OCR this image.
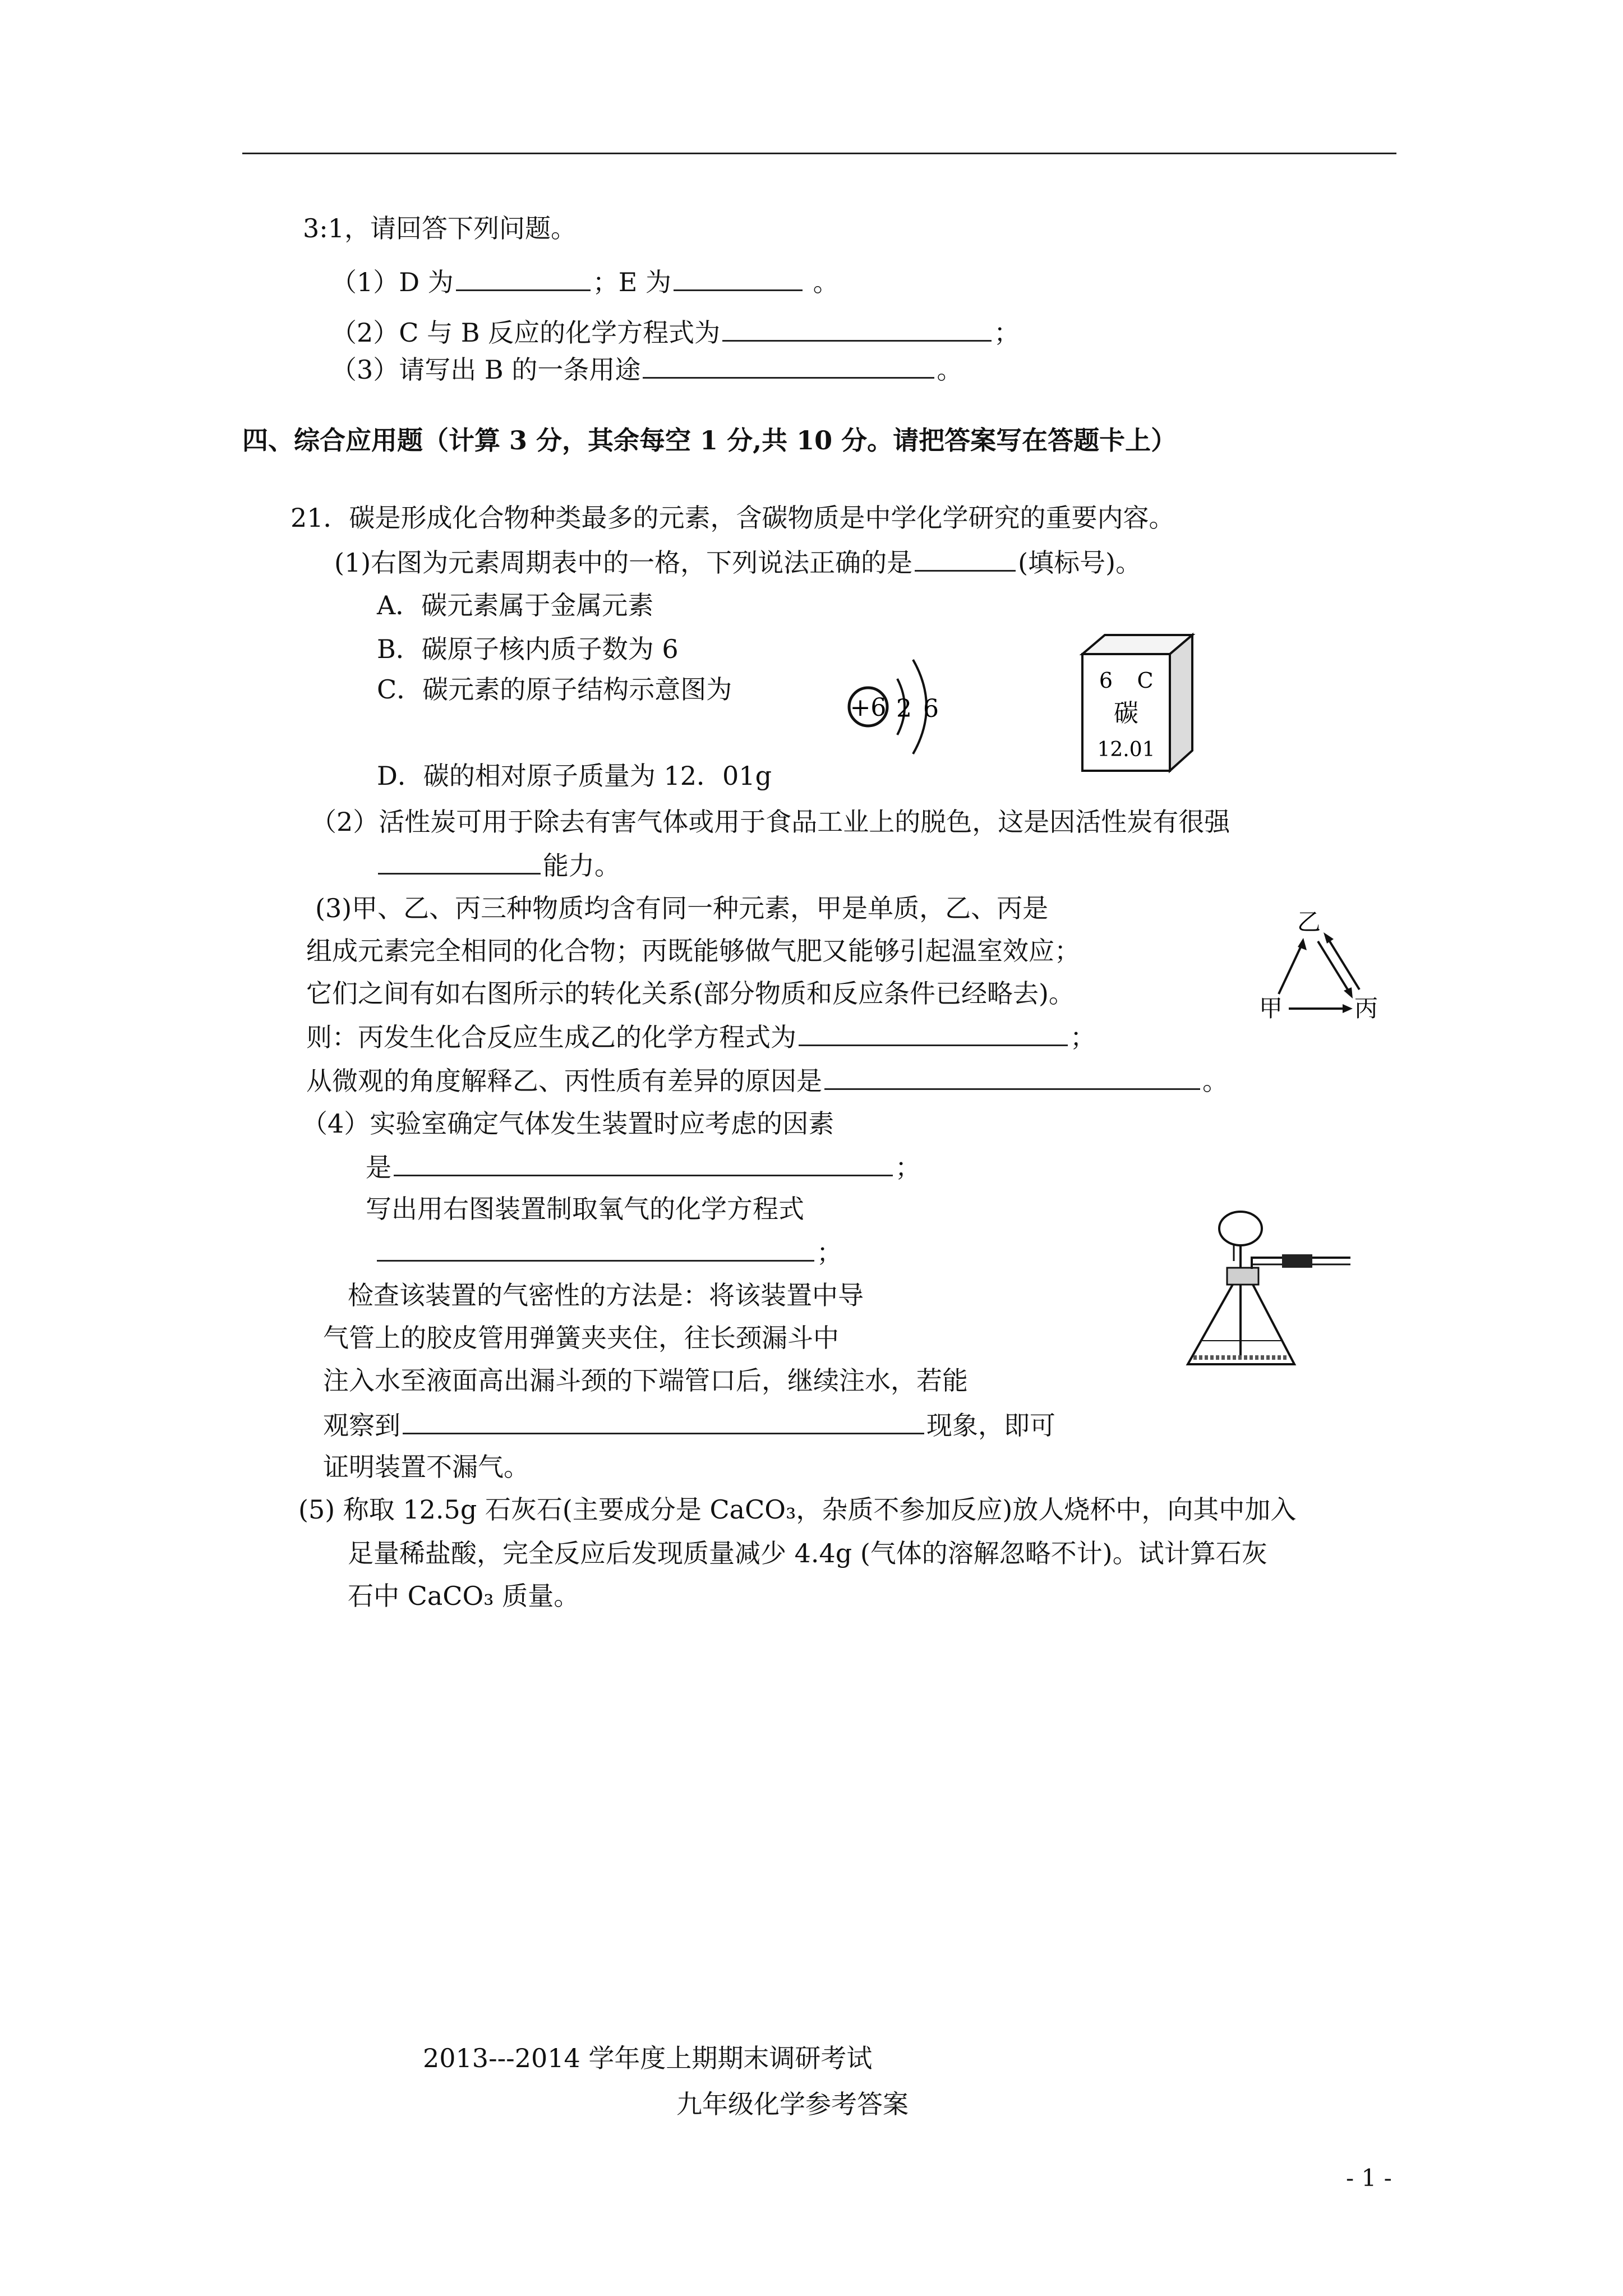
3:1，请回答下列问题。
（1）D 为	；E 为	。
（2）C 与 B 反应的化学方程式为	；
（3）请写出 B 的一条用途	。
四、综合应用题（计算 3 分，其余每空 1 分,共 10 分。请把答案写在答题卡上）
21．碳是形成化合物种类最多的元素，含碳物质是中学化学研究的重要内容。
(1)右图为元素周期表中的一格，下列说法正确的是	(填标号)。
A．碳元素属于金属元素
B．碳原子核内质子数为 6
C．碳元素的原子结构示意图为
D．碳的相对原子质量为 12．01g
+6 2 6
6 C
碳
12.01
（2）活性炭可用于除去有害气体或用于食品工业上的脱色，这是因活性炭有很强
能力。
(3)甲、乙、丙三种物质均含有同一种元素，甲是单质，乙、丙是
组成元素完全相同的化合物；丙既能够做气肥又能够引起温室效应；
它们之间有如右图所示的转化关系(部分物质和反应条件已经略去)。
则：丙发生化合反应生成乙的化学方程式为	；
从微观的角度解释乙、丙性质有差异的原因是	。
乙
甲	丙
（4）实验室确定气体发生装置时应考虑的因素
是	；
写出用右图装置制取氧气的化学方程式
；
检查该装置的气密性的方法是：将该装置中导
气管上的胶皮管用弹簧夹夹住，往长颈漏斗中
注入水至液面高出漏斗颈的下端管口后，继续注水，若能
观察到	现象，即可
证明装置不漏气。
(5) 称取 12.5g 石灰石(主要成分是 CaCO₃，杂质不参加反应)放人烧杯中，向其中加入
足量稀盐酸，完全反应后发现质量减少 4.4g (气体的溶解忽略不计)。试计算石灰
石中 CaCO₃ 质量。
2013---2014 学年度上期期末调研考试
九年级化学参考答案
- 1 -
